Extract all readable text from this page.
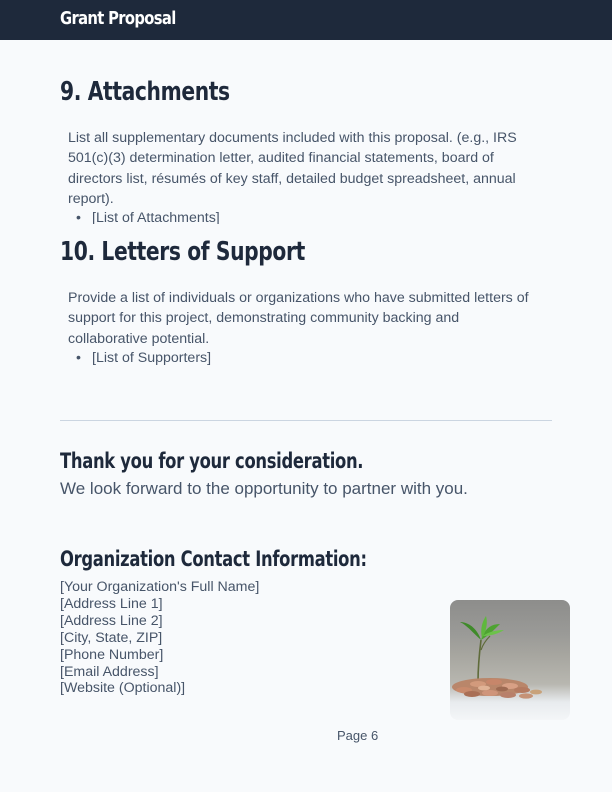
Grant Proposal
9. Attachments
List all supplementary documents included with this proposal. (e.g., IRS 501(c)(3) determination letter, audited financial statements, board of directors list, résumés of key staff, detailed budget spreadsheet, annual report).
• [List of Attachments]
10. Letters of Support
Provide a list of individuals or organizations who have submitted letters of support for this project, demonstrating community backing and collaborative potential.
• [List of Supporters]
Thank you for your consideration.
We look forward to the opportunity to partner with you.
Organization Contact Information:
[Your Organization's Full Name]
[Address Line 1]
[Address Line 2]
[City, State, ZIP]
[Phone Number]
[Email Address]
[Website (Optional)]
Page 6
